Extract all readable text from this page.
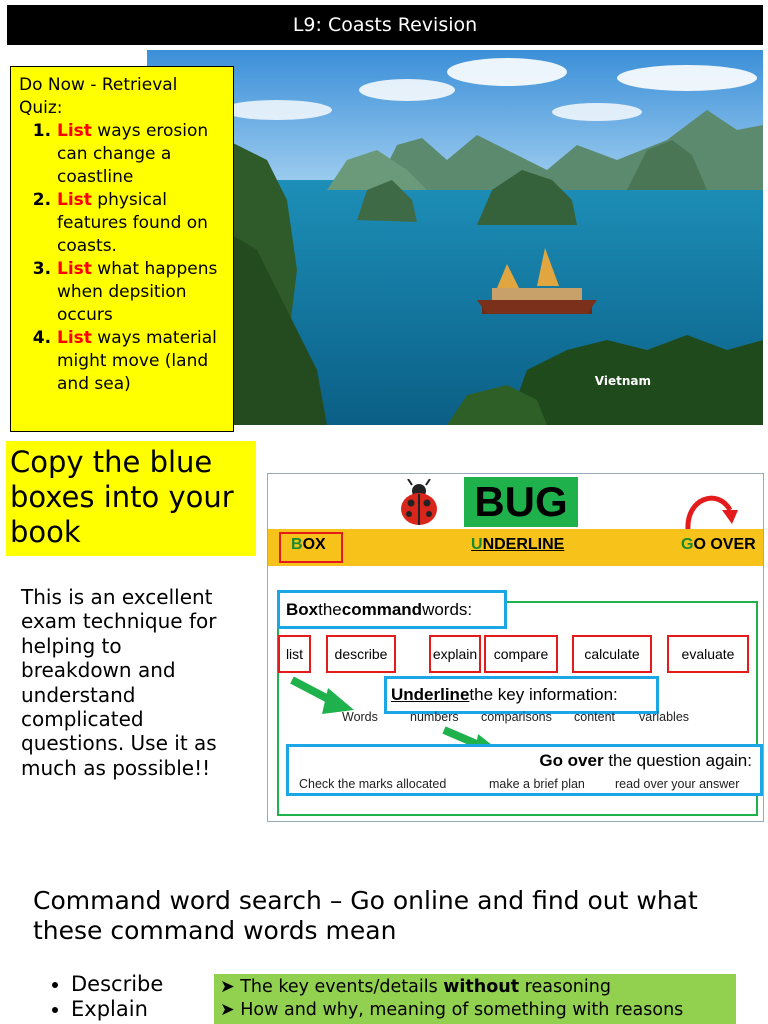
L9: Coasts Revision
Vietnam
Do Now - Retrieval Quiz:
1. List ways erosion can change a coastline
2. List physical features found on coasts.
3. List what happens when depsition occurs
4. List ways material might move (land and sea)
Copy the blue boxes into your book
This is an excellent exam technique for helping to breakdown and understand complicated questions. Use it as much as possible!!
BUG
BOX	UNDERLINE	GO OVER
Box the command words:
list	describe	explain	compare	calculate	evaluate
Underline the key information:
Words	numbers comparisons content variables
Go over the question again:
Check the marks allocated	make a brief plan read over your answer
Command word search – Go online and find out what these command words mean
• Describe
• Explain
➤ The key events/details without reasoning
➤ How and why, meaning of something with reasons
